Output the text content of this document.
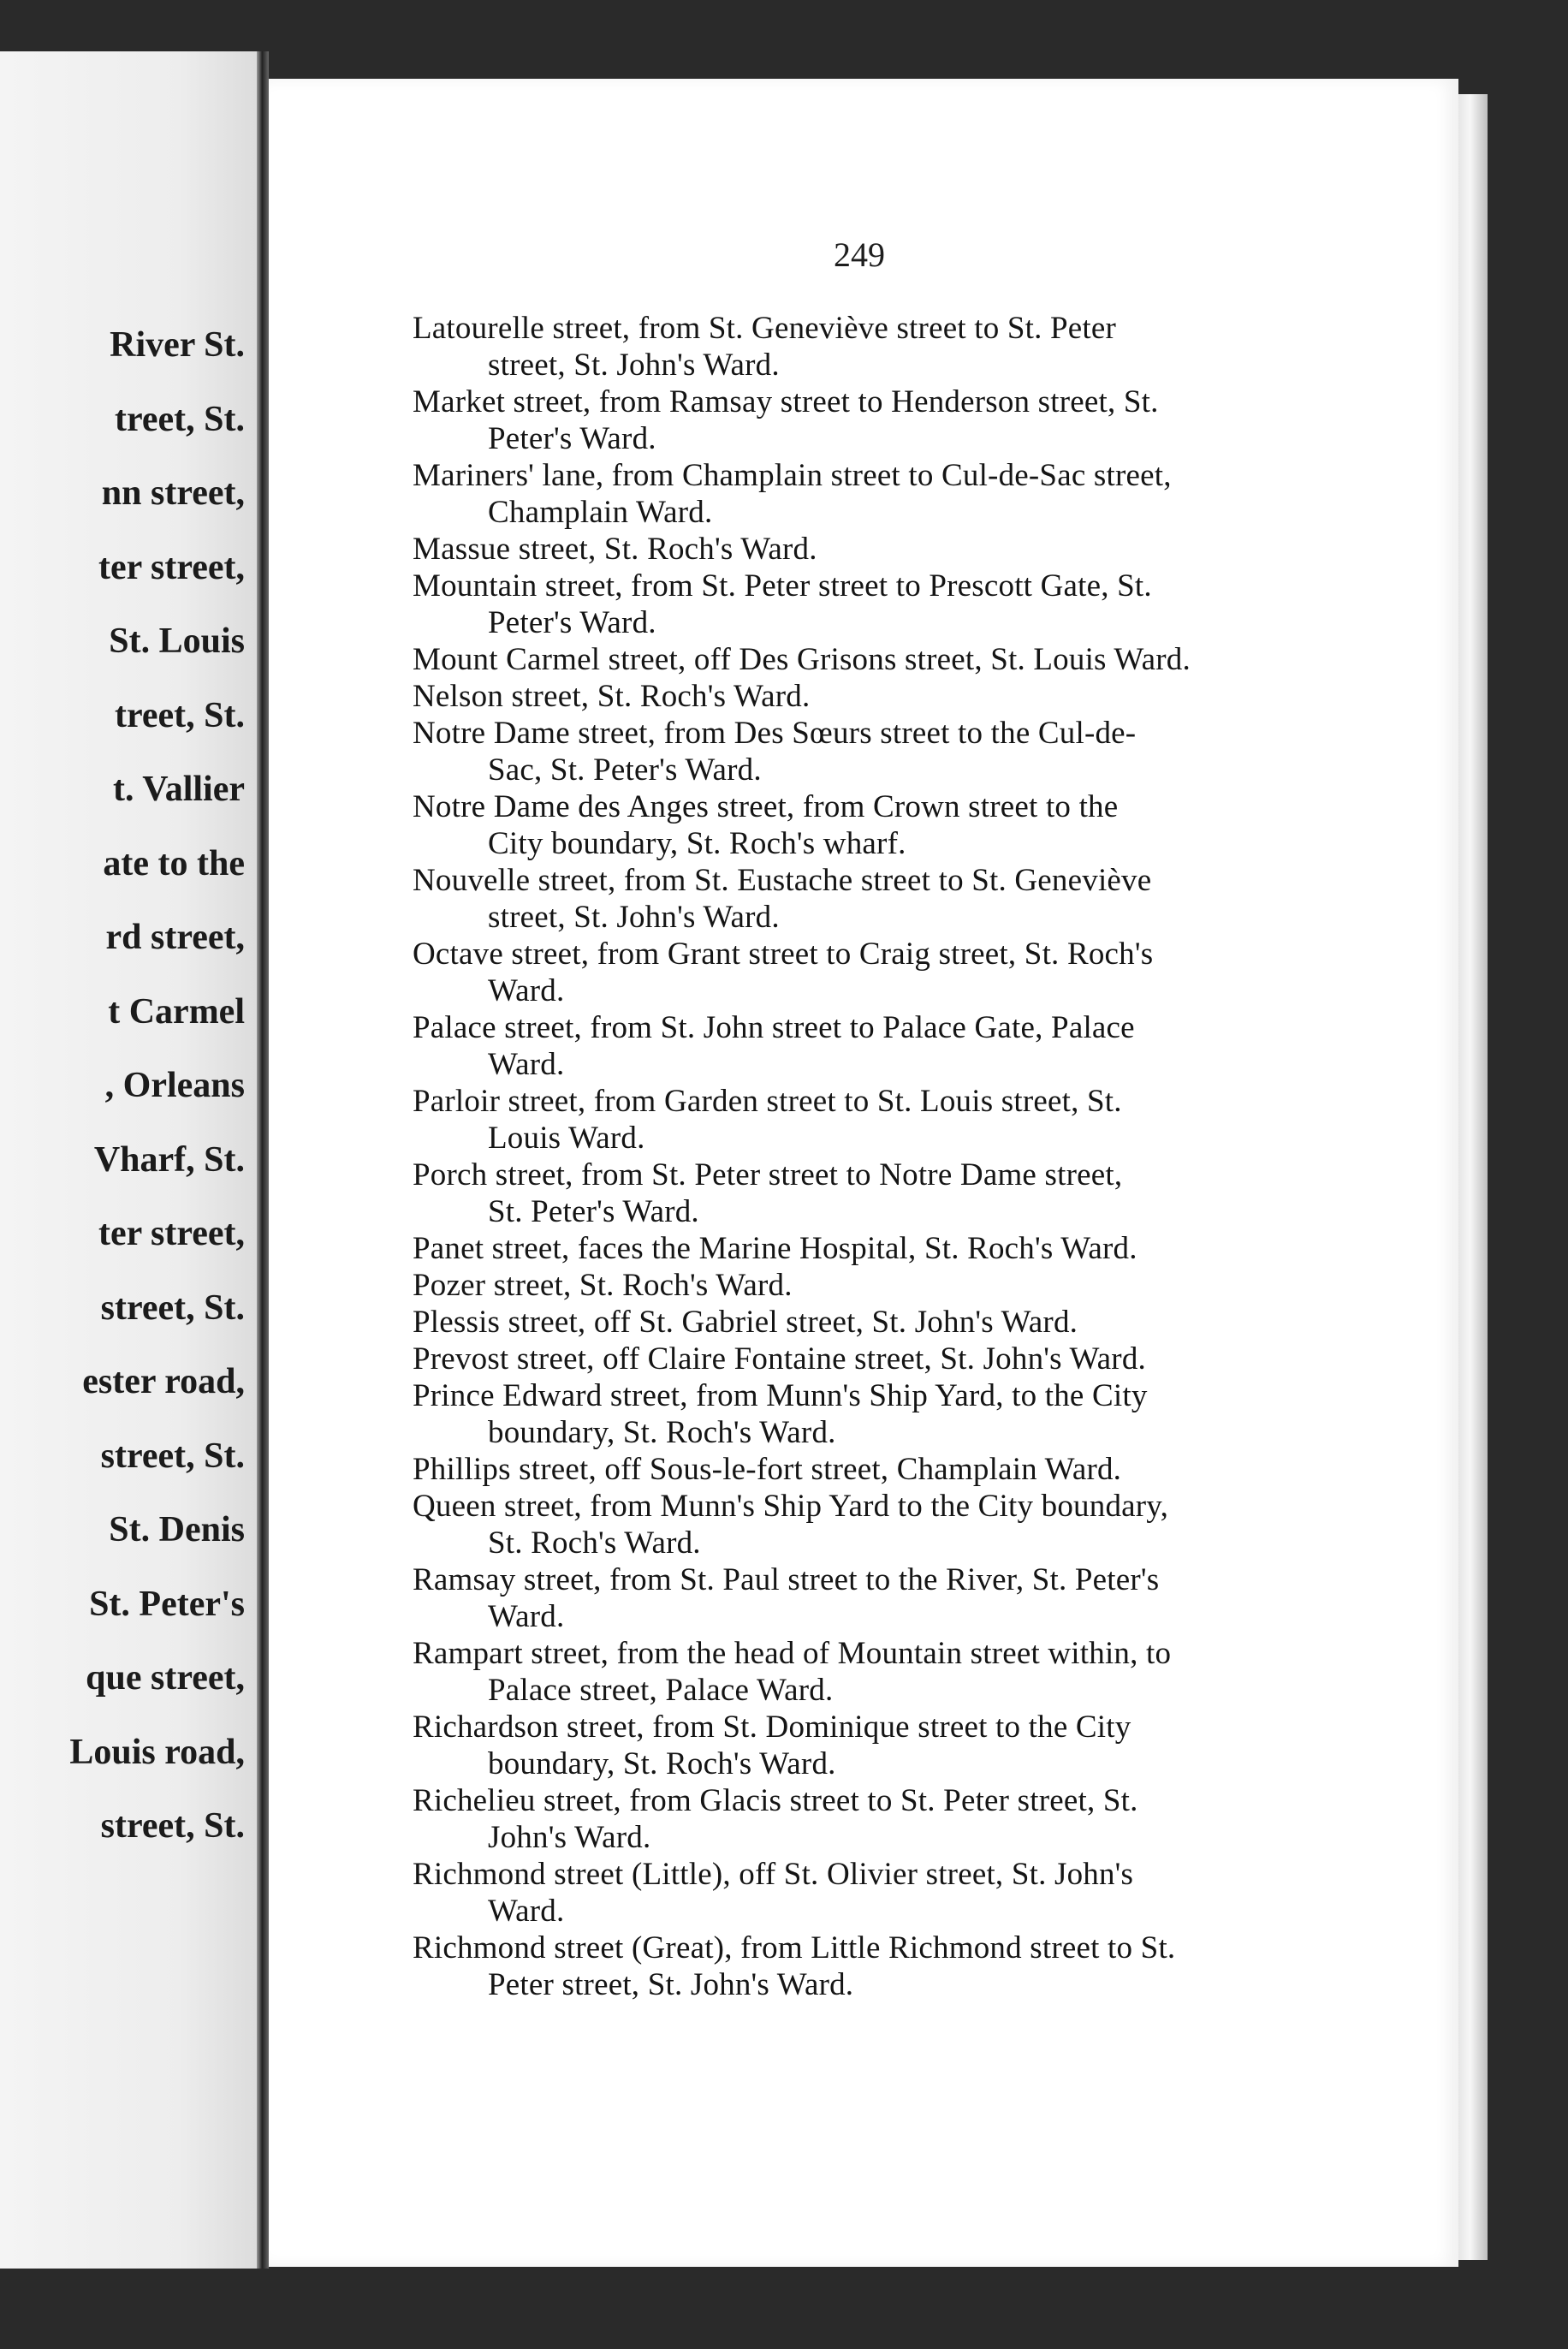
River St.
treet, St.
nn street,
ter street,
St. Louis
treet, St.
t. Vallier
ate to the
rd street,
t Carmel
, Orleans
Vharf, St.
ter street,
street, St.
ester road,
street, St.
St. Denis
St. Peter's
que street,
Louis road,
street, St.
249
Latourelle street, from St. Geneviève street to St. Peter
street, St. John's Ward.
Market street, from Ramsay street to Henderson street, St.
Peter's Ward.
Mariners' lane, from Champlain street to Cul-de-Sac street,
Champlain Ward.
Massue street, St. Roch's Ward.
Mountain street, from St. Peter street to Prescott Gate, St.
Peter's Ward.
Mount Carmel street, off Des Grisons street, St. Louis Ward.
Nelson street, St. Roch's Ward.
Notre Dame street, from Des Sœurs street to the Cul-de-
Sac, St. Peter's Ward.
Notre Dame des Anges street, from Crown street to the
City boundary, St. Roch's wharf.
Nouvelle street, from St. Eustache street to St. Geneviève
street, St. John's Ward.
Octave street, from Grant street to Craig street, St. Roch's
Ward.
Palace street, from St. John street to Palace Gate, Palace
Ward.
Parloir street, from Garden street to St. Louis street, St.
Louis Ward.
Porch street, from St. Peter street to Notre Dame street,
St. Peter's Ward.
Panet street, faces the Marine Hospital, St. Roch's Ward.
Pozer street, St. Roch's Ward.
Plessis street, off St. Gabriel street, St. John's Ward.
Prevost street, off Claire Fontaine street, St. John's Ward.
Prince Edward street, from Munn's Ship Yard, to the City
boundary, St. Roch's Ward.
Phillips street, off Sous-le-fort street, Champlain Ward.
Queen street, from Munn's Ship Yard to the City boundary,
St. Roch's Ward.
Ramsay street, from St. Paul street to the River, St. Peter's
Ward.
Rampart street, from the head of Mountain street within, to
Palace street, Palace Ward.
Richardson street, from St. Dominique street to the City
boundary, St. Roch's Ward.
Richelieu street, from Glacis street to St. Peter street, St.
John's Ward.
Richmond street (Little), off St. Olivier street, St. John's
Ward.
Richmond street (Great), from Little Richmond street to St.
Peter street, St. John's Ward.
